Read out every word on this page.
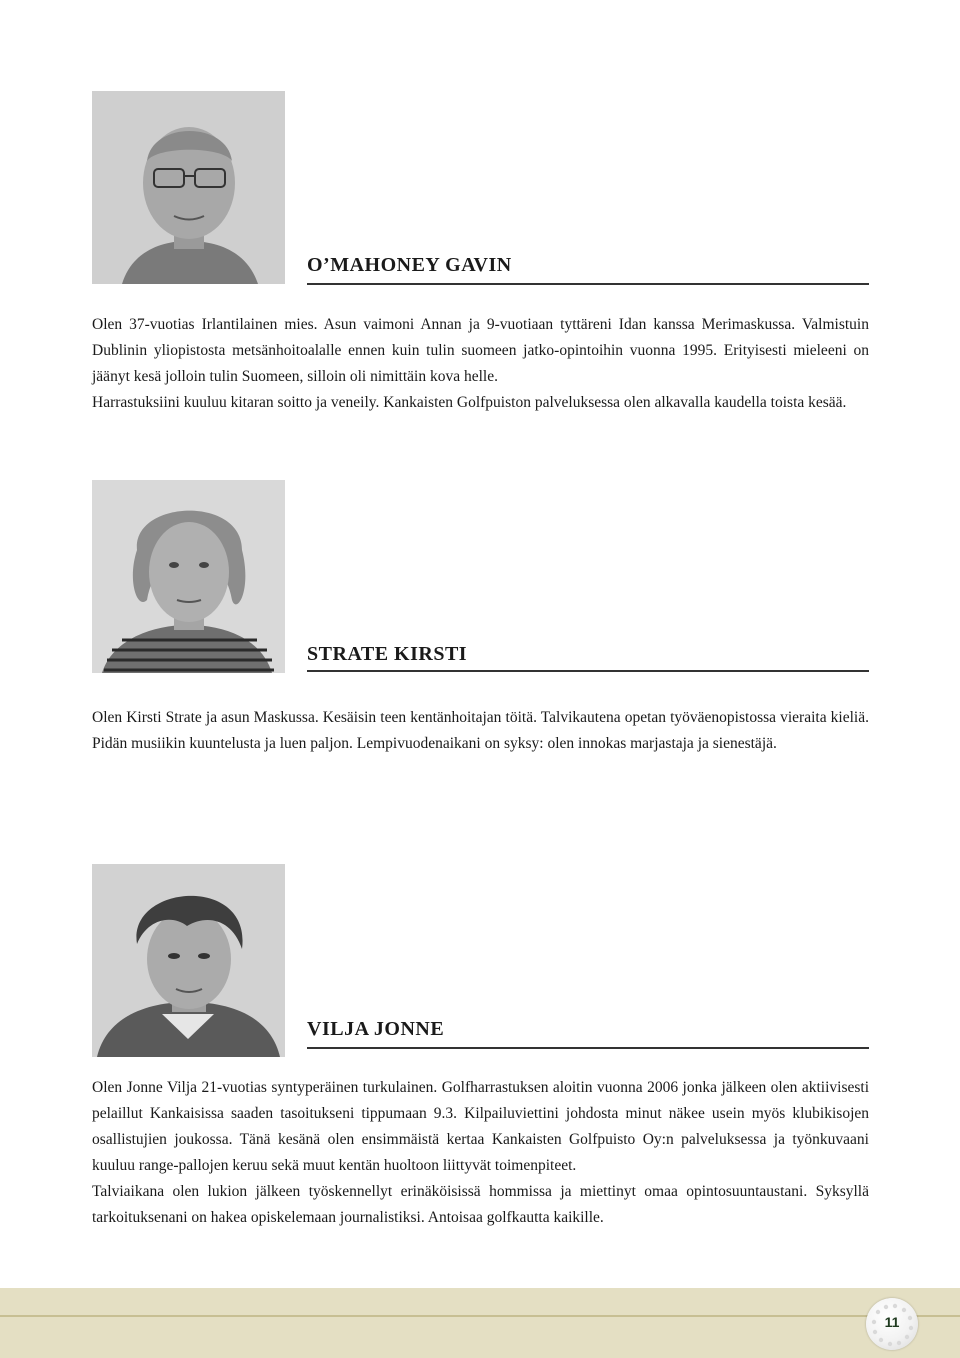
O’MAHONEY GAVIN

Olen 37-vuotias Irlantilainen mies. Asun vaimoni Annan ja 9-vuotiaan tyttäreni Idan kanssa Merimaskussa. Valmistuin Dublinin yliopistosta metsänhoitoalalle ennen kuin tulin suomeen jatko-opintoihin vuonna 1995. Erityisesti mieleeni on jäänyt kesä jolloin tulin Suomeen, silloin oli nimittäin kova helle.

Harrastuksiini kuuluu kitaran soitto ja veneily. Kankaisten Golfpuiston palveluksessa olen alkavalla kaudella toista kesää.

STRATE KIRSTI

Olen Kirsti Strate ja asun Maskussa. Kesäisin teen kentänhoitajan töitä. Talvikautena opetan työväenopistossa vieraita kieliä. Pidän musiikin kuuntelusta ja luen paljon. Lempivuodenaikani on syksy: olen innokas marjastaja ja sienestäjä.

VILJA JONNE

Olen Jonne Vilja 21-vuotias syntyperäinen turkulainen. Golfharrastuksen aloitin vuonna 2006 jonka jälkeen olen aktiivisesti pelaillut Kankaisissa saaden tasoitukseni tippumaan 9.3. Kilpailuviettini johdosta minut näkee usein myös klubikisojen osallistujien joukossa. Tänä kesänä olen ensimmäistä kertaa Kankaisten Golfpuisto Oy:n palveluksessa ja työnkuvaani kuuluu range-pallojen keruu sekä muut kentän huoltoon liittyvät toimenpiteet.

Talviaikana olen lukion jälkeen työskennellyt erinäköisissä hommissa ja miettinyt omaa opintosuuntaustani. Syksyllä tarkoituksenani on hakea opiskelemaan journalistiksi. Antoisaa golfkautta kaikille.

11
